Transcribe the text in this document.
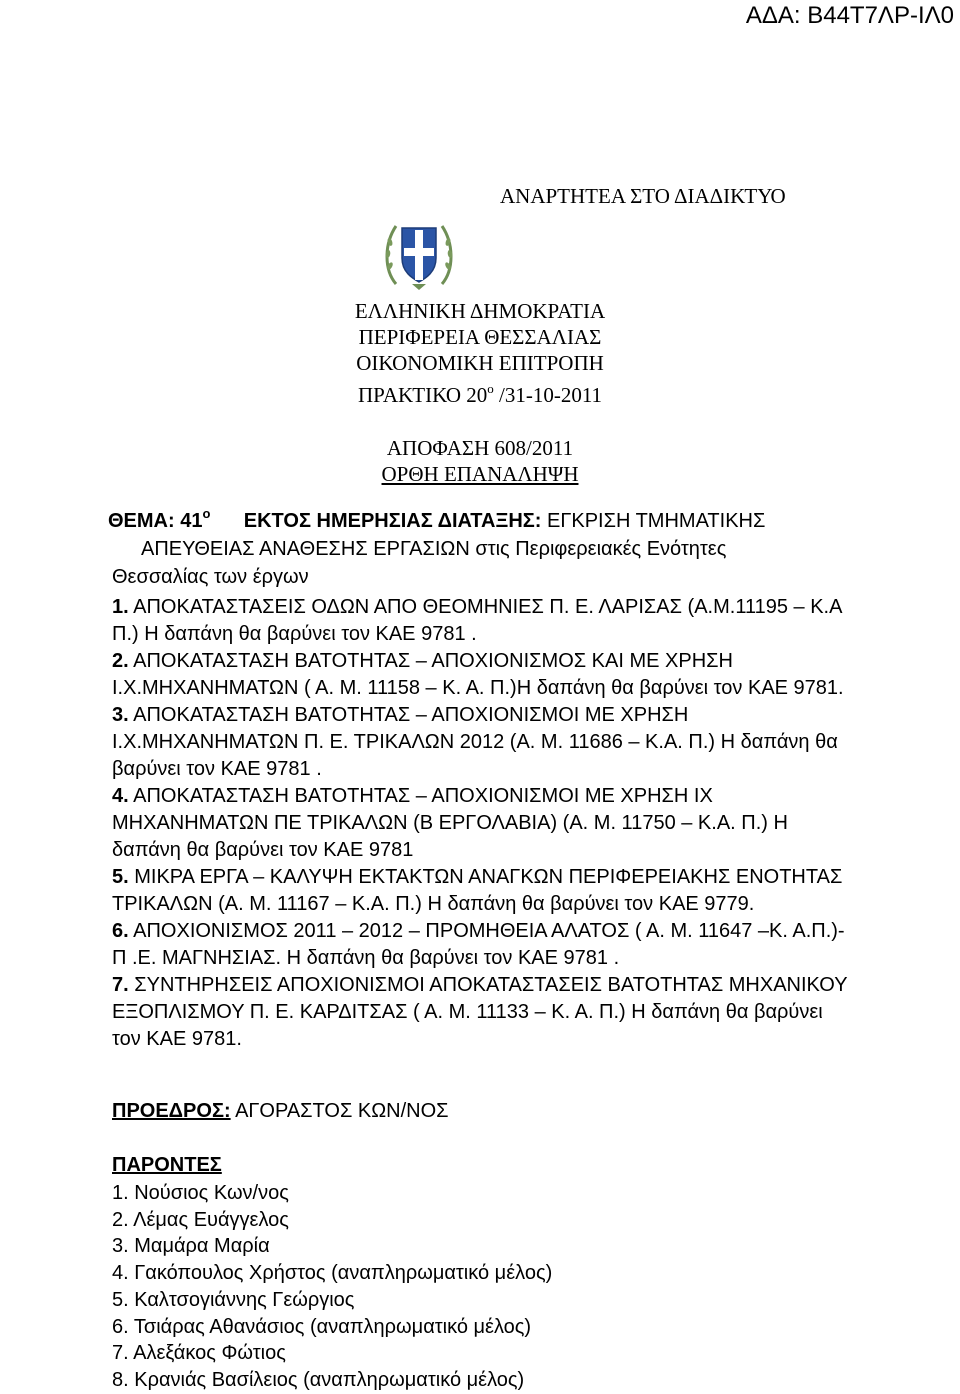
ΑΔΑ: Β44Τ7ΛΡ-ΙΛ0
ΑΝΑΡΤΗΤΕΑ ΣΤΟ ΔΙΑΔΙΚΤΥΟ
ΕΛΛΗΝΙΚΗ ΔΗΜΟΚΡΑΤΙΑ
ΠΕΡΙΦΕΡΕΙΑ ΘΕΣΣΑΛΙΑΣ
ΟΙΚΟΝΟΜΙΚΗ ΕΠΙΤΡΟΠΗ
ΠΡΑΚΤΙΚΟ $20^o$ /31-10-2011
ΑΠΟΦΑΣΗ 608/2011
ΟΡΘΗ ΕΠΑΝΑΛΗΨΗ
ΘΕΜΑ: $41^o$ ΕΚΤΟΣ ΗΜΕΡΗΣΙΑΣ ΔΙΑΤΑΞΗΣ: ΕΓΚΡΙΣΗ ΤΜΗΜΑΤΙΚΗΣ
ΑΠΕΥΘΕΙΑΣ ΑΝΑΘΕΣΗΣ ΕΡΓΑΣΙΩΝ στις Περιφερειακές Ενότητες
Θεσσαλίας των έργων
1. ΑΠΟΚΑΤΑΣΤΑΣΕΙΣ ΟΔΩΝ ΑΠΟ ΘΕΟΜΗΝΙΕΣ Π. Ε. ΛΑΡΙΣΑΣ (Α.Μ.11195 – Κ.Α Π.) Η δαπάνη θα βαρύνει τον ΚΑΕ 9781 .
2. ΑΠΟΚΑΤΑΣΤΑΣΗ ΒΑΤΟΤΗΤΑΣ – ΑΠΟΧΙΟΝΙΣΜΟΣ ΚΑΙ ΜΕ ΧΡΗΣΗ Ι.Χ.ΜΗΧΑΝΗΜΑΤΩΝ ( Α. Μ. 11158 – Κ. Α. Π.)Η δαπάνη θα βαρύνει τον ΚΑΕ 9781.
3. ΑΠΟΚΑΤΑΣΤΑΣΗ ΒΑΤΟΤΗΤΑΣ – ΑΠΟΧΙΟΝΙΣΜΟΙ ΜΕ ΧΡΗΣΗ Ι.Χ.ΜΗΧΑΝΗΜΑΤΩΝ Π. Ε. ΤΡΙΚΑΛΩΝ 2012 (Α. Μ. 11686 – Κ.Α. Π.) Η δαπάνη θα βαρύνει τον ΚΑΕ 9781 .
4. ΑΠΟΚΑΤΑΣΤΑΣΗ ΒΑΤΟΤΗΤΑΣ – ΑΠΟΧΙΟΝΙΣΜΟΙ ΜΕ ΧΡΗΣΗ ΙΧ ΜΗΧΑΝΗΜΑΤΩΝ ΠΕ ΤΡΙΚΑΛΩΝ (Β ΕΡΓΟΛΑΒΙΑ) (Α. Μ. 11750 – Κ.Α. Π.) Η δαπάνη θα βαρύνει τον ΚΑΕ 9781
5. ΜΙΚΡΑ ΕΡΓΑ – ΚΑΛΥΨΗ ΕΚΤΑΚΤΩΝ ΑΝΑΓΚΩΝ ΠΕΡΙΦΕΡΕΙΑΚΗΣ ΕΝΟΤΗΤΑΣ ΤΡΙΚΑΛΩΝ (Α. Μ. 11167 – Κ.Α. Π.) Η δαπάνη θα βαρύνει τον ΚΑΕ 9779.
6. ΑΠΟΧΙΟΝΙΣΜΟΣ 2011 – 2012 – ΠΡΟΜΗΘΕΙΑ ΑΛΑΤΟΣ ( Α. Μ. 11647 –Κ. Α.Π.)- Π .Ε. ΜΑΓΝΗΣΙΑΣ. Η δαπάνη θα βαρύνει τον ΚΑΕ 9781 .
7. ΣΥΝΤΗΡΗΣΕΙΣ ΑΠΟΧΙΟΝΙΣΜΟΙ ΑΠΟΚΑΤΑΣΤΑΣΕΙΣ ΒΑΤΟΤΗΤΑΣ ΜΗΧΑΝΙΚΟΥ ΕΞΟΠΛΙΣΜΟΥ Π. Ε. ΚΑΡΔΙΤΣΑΣ ( Α. Μ. 11133 – Κ. Α. Π.) Η δαπάνη θα βαρύνει τον ΚΑΕ 9781.
ΠΡΟΕΔΡΟΣ: ΑΓΟΡΑΣΤΟΣ ΚΩΝ/ΝΟΣ
ΠΑΡΟΝΤΕΣ
1. Νούσιος Κων/νος
2. Λέμας Ευάγγελος
3. Μαμάρα Μαρία
4. Γακόπουλος Χρήστος (αναπληρωματικό μέλος)
5. Καλτσογιάννης Γεώργιος
6. Τσιάρας Αθανάσιος (αναπληρωματικό μέλος)
7. Αλεξάκος Φώτιος
8. Κρανιάς Βασίλειος (αναπληρωματικό μέλος)
